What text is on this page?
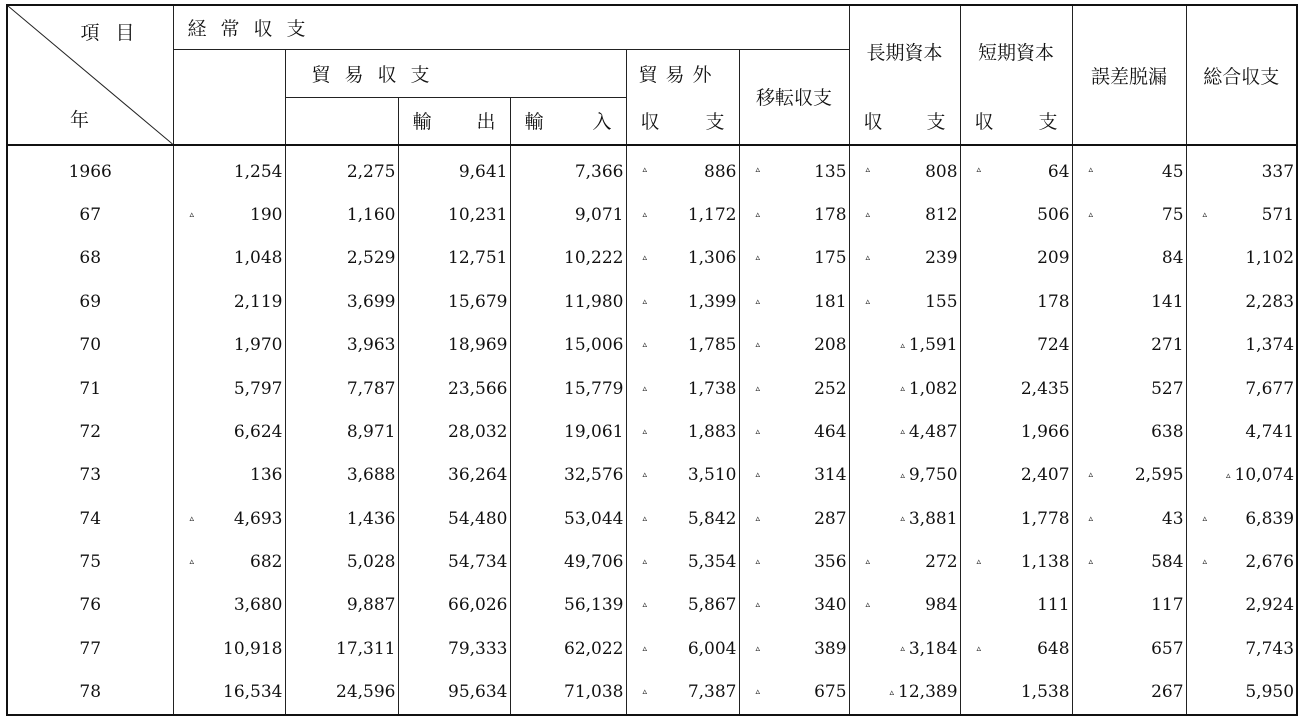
項目
年	経常収支						長期資本	短期資本	誤差脱漏	総合収支
		貿易収支			貿易外	移転収支				

			輸 出	輸 入	収 支		収 支	収 支		

1966	1,254	2,275	9,641	7,366	▵ 886	▵ 135	▵ 808	▵ 64	▵ 45	337
67	▵ 190	1,160	10,231	9,071	▵ 1,172	▵ 178	▵ 812	506	▵ 75	▵ 571
68	1,048	2,529	12,751	10,222	▵ 1,306	▵ 175	▵ 239	209	84	1,102
69	2,119	3,699	15,679	11,980	▵ 1,399	▵ 181	▵ 155	178	141	2,283
70	1,970	3,963	18,969	15,006	▵ 1,785	▵ 208	▵ 1,591	724	271	1,374
71	5,797	7,787	23,566	15,779	▵ 1,738	▵ 252	▵ 1,082	2,435	527	7,677
72	6,624	8,971	28,032	19,061	▵ 1,883	▵ 464	▵ 4,487	1,966	638	4,741
73	136	3,688	36,264	32,576	▵ 3,510	▵ 314	▵ 9,750	2,407	▵ 2,595	▵ 10,074
74	▵ 4,693	1,436	54,480	53,044	▵ 5,842	▵ 287	▵ 3,881	1,778	▵ 43	▵ 6,839
75	▵ 682	5,028	54,734	49,706	▵ 5,354	▵ 356	▵ 272	▵ 1,138	▵ 584	▵ 2,676
76	3,680	9,887	66,026	56,139	▵ 5,867	▵ 340	▵ 984	111	117	2,924
77	10,918	17,311	79,333	62,022	▵ 6,004	▵ 389	▵ 3,184	▵ 648	657	7,743
78	16,534	24,596	95,634	71,038	▵ 7,387	▵ 675	▵ 12,389	1,538	267	5,950
